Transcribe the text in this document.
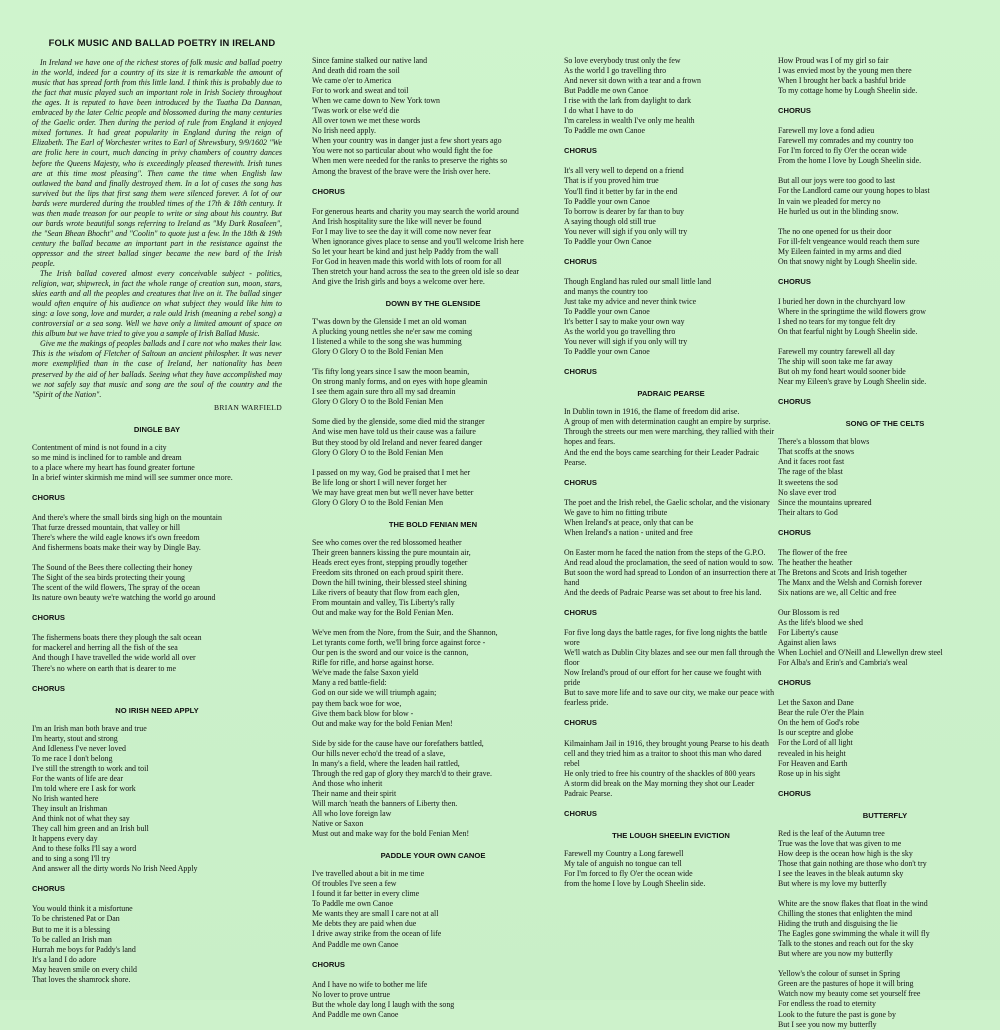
FOLK MUSIC AND BALLAD POETRY IN IRELAND

In Ireland we have one of the richest stores of folk music and ballad poetry in the world, indeed for a country of its size it is remarkable the amount of music that has spread forth from this little land. I think this is probably due to the fact that music played such an important role in Irish Society throughout the ages. It is reputed to have been introduced by the Tuatha Da Dannan, embraced by the later Celtic people and blossomed during the many centuries of the Gaelic order. Then during the period of rule from England it enjoyed mixed fortunes. It had great popularity in England during the reign of Elizabeth. The Earl of Worchester writes to Earl of Shrewsbury, 9/9/1602 "We are frolic here in court, much dancing in privy chambers of country dances before the Queens Majesty, who is exceedingly pleased therewith. Irish tunes are at this time most pleasing". Then came the time when English law outlawed the band and finally destroyed them. In a lot of cases the song has survived but the lips that first sang them were silenced forever. A lot of our bards were murdered during the troubled times of the 17th & 18th century. It was then made treason for our people to write or sing about his country. But our bards wrote beautiful songs referring to Ireland as "My Dark Rosaleen", the "Sean Bhean Bhocht" and "Coolin" to quote just a few. In the 18th & 19th century the ballad became an important part in the resistance against the oppressor and the street ballad singer became the new bard of the Irish people.

The Irish ballad covered almost every conceivable subject - politics, religion, war, shipwreck, in fact the whole range of creation sun, moon, stars, skies earth and all the peoples and creatures that live on it. The ballad singer would often enquire of his audience on what subject they would like him to sing: a love song, love and murder, a rale ould Irish (meaning a rebel song) a controversial or a sea song. Well we have only a limited amount of space on this album but we have tried to give you a sample of Irish Ballad Music.

Give me the makings of peoples ballads and I care not who makes their law. This is the wisdom of Fletcher of Saltoun an ancient philospher. It was never more exemplified than in the case of Ireland, her nationality has been preserved by the aid of her ballads. Seeing what they have accomplished may we not safely say that music and song are the soul of the country and the "Spirit of the Nation".

BRIAN WARFIELD
DINGLE BAY
Contentment of mind is not found in a city
so me mind is inclined for to ramble and dream
to a place where my heart has found greater fortune
In a brief winter skirmish me mind will see summer once more.
CHORUS
And there's where the small birds sing high on the mountain
That furze dressed mountain, that valley or hill
There's where the wild eagle knows it's own freedom
And fishermens boats make their way by Dingle Bay.
The Sound of the Bees there collecting their honey
The Sight of the sea birds protecting their young
The scent of the wild flowers, The spray of the ocean
Its nature own beauty we're watching the world go around
CHORUS
The fishermens boats there they plough the salt ocean
for mackerel and herring all the fish of the sea
And though I have travelled the wide world all over
There's no where on earth that is dearer to me
CHORUS
NO IRISH NEED APPLY
I'm an Irish man both brave and true
I'm hearty, stout and strong
And Idleness I've never loved
To me race I don't belong
I've still the strength to work and toil
For the wants of life are dear
I'm told where ere I ask for work
No Irish wanted here
They insult an Irishman
And think not of what they say
They call him green and an Irish bull
It happens every day
And to these folks I'll say a word
and to sing a song I'll try
And answer all the dirty words No Irish Need Apply
CHORUS
You would think it a misfortune
To be christened Pat or Dan
But to me it is a blessing
To be called an Irish man
Hurrah me boys for Paddy's land
It's a land I do adore
May heaven smile on every child
That loves the shamrock shore.
Since famine stalked our native land
And death did roam the soil
We came o'er to America
For to work and sweat and toil
When we came down to New York town
'Twas work or else we'd die
All over town we met these words
No Irish need apply.
When your country was in danger just a few short years ago
You were not so particular about who would fight the foe
When men were needed for the ranks to preserve the rights so
Among the bravest of the brave were the Irish over here.
CHORUS
For generous hearts and charity you may search the world around
And Irish hospitality sure the like will never be found
For I may live to see the day it will come now never fear
When ignorance gives place to sense and you'll welcome Irish here
So let your heart be kind and just help Paddy from the wall
For God in heaven made this world with lots of room for all
Then stretch your hand across the sea to the green old isle so dear
And give the Irish girls and boys a welcome over here.
DOWN BY THE GLENSIDE
T'was down by the Glenside I met an old woman
A plucking young nettles she ne'er saw me coming
I listened a while to the song she was humming
Glory O Glory O to the Bold Fenian Men
'Tis fifty long years since I saw the moon beamin,
On strong manly forms, and on eyes with hope gleamin
I see them again sure thro all my sad dreamin
Glory O Glory O to the Bold Fenian Men
Some died by the glenside, some died mid the stranger
And wise men have told us their cause was a failure
But they stood by old Ireland and never feared danger
Glory O Glory O to the Bold Fenian Men
I passed on my way, God be praised that I met her
Be life long or short I will never forget her
We may have great men but we'll never have better
Glory O Glory O to the Bold Fenian Men
THE BOLD FENIAN MEN
See who comes over the red blossomed heather
Their green banners kissing the pure mountain air,
Heads erect eyes front, stepping proudly together
Freedom sits throned on each proud spirit there.
Down the hill twining, their blessed steel shining
Like rivers of beauty that flow from each glen,
From mountain and valley, Tis Liberty's rally
Out and make way for the Bold Fenian Men.
We've men from the Nore, from the Suir, and the Shannon,
Let tyrants come forth, we'll bring force against force -
Our pen is the sword and our voice is the cannon,
Rifle for rifle, and horse against horse.
We've made the false Saxon yield
Many a red battle-field:
God on our side we will triumph again;
pay them back woe for woe,
Give them back blow for blow -
Out and make way for the bold Fenian Men!
Side by side for the cause have our forefathers battled,
Our hills never echo'd the tread of a slave,
In many's a field, where the leaden hail rattled,
Through the red gap of glory they march'd to their grave.
And those who inherit
Their name and their spirit
Will march 'neath the banners of Liberty then.
All who love foreign law
Native or Saxon
Must out and make way for the bold Fenian Men!
PADDLE YOUR OWN CANOE
I've travelled about a bit in me time
Of troubles I've seen a few
I found it far better in every clime
To Paddle me own Canoe
Me wants they are small I care not at all
Me debts they are paid when due
I drive away strike from the ocean of life
And Paddle me own Canoe
CHORUS
And I have no wife to bother me life
No lover to prove untrue
But the whole day long I laugh with the song
And Paddle me own Canoe
So love everybody trust only the few
As the world I go travelling thro
And never sit down with a tear and a frown
But Paddle me own Canoe
I rise with the lark from daylight to dark
I do what I have to do
I'm careless in wealth I've only me health
To Paddle me own Canoe
CHORUS
It's all very well to depend on a friend
That is if you proved him true
You'll find it better by far in the end
To Paddle your own Canoe
To borrow is dearer by far than to buy
A saying though old still true
You never will sigh if you only will try
To Paddle your Own Canoe
CHORUS
Though England has ruled our small little land
and manys the country too
Just take my advice and never think twice
To Paddle your own Canoe
It's better I say to make your own way
As the world you go travelling thro
You never will sigh if you only will try
To Paddle your own Canoe
CHORUS
PADRAIC PEARSE
In Dublin town in 1916, the flame of freedom did arise.
A group of men with determination caught an empire by surprise.
Through the streets our men were marching, they rallied with their hopes and fears.
And the end the boys came searching for their Leader Padraic Pearse.
CHORUS
The poet and the Irish rebel, the Gaelic scholar, and the visionary
We gave to him no fitting tribute
When Ireland's at peace, only that can be
When Ireland's a nation - united and free
On Easter morn he faced the nation from the steps of the G.P.O.
And read aloud the proclamation, the seed of nation would to sow.
But soon the word had spread to London of an insurrection there at hand
And the deeds of Padraic Pearse was set about to free his land.
CHORUS
For five long days the battle rages, for five long nights the battle wore
We'll watch as Dublin City blazes and see our men fall through the floor
Now Ireland's proud of our effort for her cause we fought with pride
But to save more life and to save our city, we make our peace with fearless pride.
CHORUS
Kilmainham Jail in 1916, they brought young Pearse to his death cell and they tried him as a traitor to shoot this man who dared rebel
He only tried to free his country of the shackles of 800 years
A storm did break on the May morning they shot our Leader Padraic Pearse.
CHORUS
THE LOUGH SHEELIN EVICTION
Farewell my Country a Long farewell
My tale of anguish no tongue can tell
For I'm forced to fly O'er the ocean wide
from the home I love by Lough Sheelin side.
How Proud was I of my girl so fair
I was envied most by the young men there
When I brought her back a bashful bride
To my cottage home by Lough Sheelin side.
CHORUS
Farewell my love a fond adieu
Farewell my comrades and my country too
For I'm forced to fly O'er the ocean wide
From the home I love by Lough Sheelin side.
But all our joys were too good to last
For the Landlord came our young hopes to blast
In vain we pleaded for mercy no
He hurled us out in the blinding snow.
The no one opened for us their door
For ill-felt vengeance would reach them sure
My Eileen fainted in my arms and died
On that snowy night by Lough Sheelin side.
CHORUS
I buried her down in the churchyard low
Where in the springtime the wild flowers grow
I shed no tears for my tongue felt dry
On that fearful night by Lough Sheelin side.
Farewell my country farewell all day
The ship will soon take me far away
But oh my fond heart would sooner bide
Near my Eileen's grave by Lough Sheelin side.
CHORUS
SONG OF THE CELTS
There's a blossom that blows
That scoffs at the snows
And it faces root fast
The rage of the blast
It sweetens the sod
No slave ever trod
Since the mountains upreared
Their altars to God
CHORUS
The flower of the free
The heather the heather
The Bretons and Scots and Irish together
The Manx and the Welsh and Cornish forever
Six nations are we, all Celtic and free
Our Blossom is red
As the life's blood we shed
For Liberty's cause
Against alien laws
When Lochiel and O'Neill and Llewellyn drew steel
For Alba's and Erin's and Cambria's weal
CHORUS
Let the Saxon and Dane
Bear the rule O'er the Plain
On the hem of God's robe
Is our sceptre and globe
For the Lord of all light
revealed in his height
For Heaven and Earth
Rose up in his sight
CHORUS
BUTTERFLY
Red is the leaf of the Autumn tree
True was the love that was given to me
How deep is the ocean how high is the sky
Those that gain nothing are those who don't try
I see the leaves in the bleak autumn sky
But where is my love my butterfly
White are the snow flakes that float in the wind
Chilling the stones that enlighten the mind
Hiding the truth and disguising the lie
The Eagles gone swimming the whale it will fly
Talk to the stones and reach out for the sky
But where are you now my butterfly
Yellow's the colour of sunset in Spring
Green are the pastures of hope it will bring
Watch now my beauty come set yourself free
For endless the road to eternity
Look to the future the past is gone by
But I see you now my butterfly
